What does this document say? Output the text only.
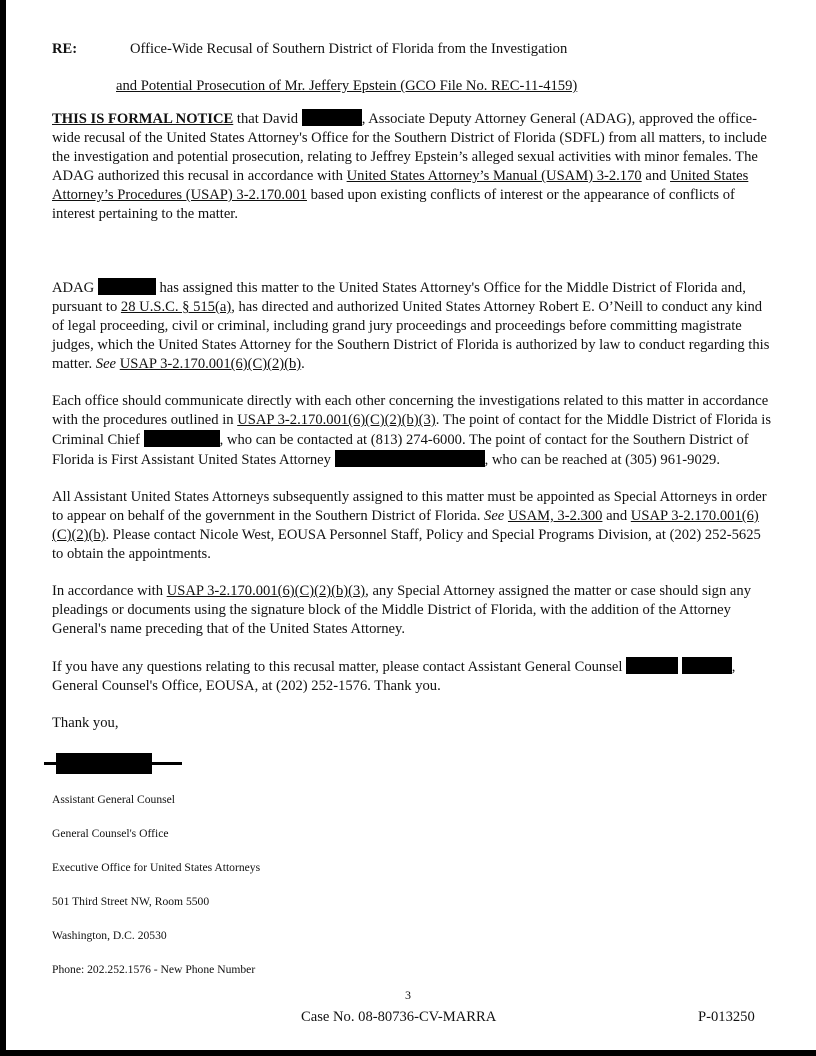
RE:	Office-Wide Recusal of Southern District of Florida from the Investigation
and Potential Prosecution of Mr. Jeffery Epstein (GCO File No. REC-11-4159)

THIS IS FORMAL NOTICE that David	, Associate Deputy Attorney General (ADAG), approved the office-wide recusal of the United States Attorney's Office for the Southern District of Florida (SDFL) from all matters, to include the investigation and potential prosecution, relating to Jeffrey Epstein’s alleged sexual activities with minor females. The ADAG authorized this recusal in accordance with United States Attorney’s Manual (USAM) 3-2.170 and United States Attorney’s Procedures (USAP) 3-2.170.001 based upon existing conflicts of interest or the appearance of conflicts of interest pertaining to the matter.

ADAG	has assigned this matter to the United States Attorney's Office for the Middle District of Florida and, pursuant to 28 U.S.C. § 515(a), has directed and authorized United States Attorney Robert E. O’Neill to conduct any kind of legal proceeding, civil or criminal, including grand jury proceedings and proceedings before committing magistrate judges, which the United States Attorney for the Southern District of Florida is authorized by law to conduct regarding this matter. See USAP 3-2.170.001(6)(C)(2)(b).

Each office should communicate directly with each other concerning the investigations related to this matter in accordance with the procedures outlined in USAP 3-2.170.001(6)(C)(2)(b)(3). The point of contact for the Middle District of Florida is Criminal Chief	, who can be contacted at (813) 274-6000. The point of contact for the Southern District of Florida is First Assistant United States Attorney	, who can be reached at (305) 961-9029.

All Assistant United States Attorneys subsequently assigned to this matter must be appointed as Special Attorneys in order to appear on behalf of the government in the Southern District of Florida. See USAM, 3-2.300 and USAP 3-2.170.001(6)(C)(2)(b). Please contact Nicole West, EOUSA Personnel Staff, Policy and Special Programs Division, at (202) 252-5625 to obtain the appointments.

In accordance with USAP 3-2.170.001(6)(C)(2)(b)(3), any Special Attorney assigned the matter or case should sign any pleadings or documents using the signature block of the Middle District of Florida, with the addition of the Attorney General's name preceding that of the United States Attorney.

If you have any questions relating to this recusal matter, please contact Assistant General Counsel	, General Counsel's Office, EOUSA, at (202) 252-1576. Thank you.

Thank you,

Assistant General Counsel
General Counsel's Office
Executive Office for United States Attorneys
501 Third Street NW, Room 5500
Washington, D.C. 20530
Phone: 202.252.1576 - New Phone Number
3
Case No. 08-80736-CV-MARRA	P-013250
